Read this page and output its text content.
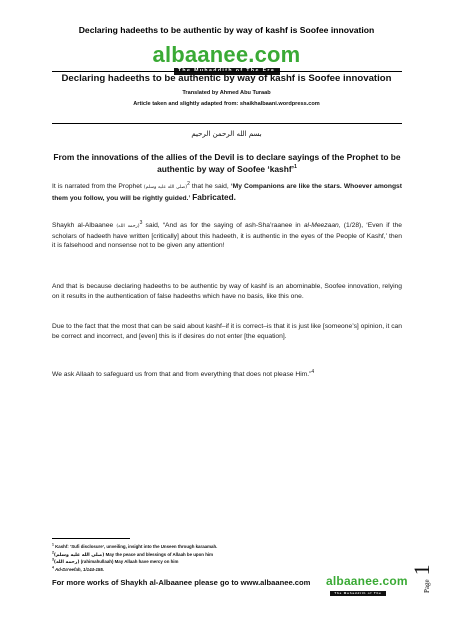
Declaring hadeeths to be authentic by way of kashf is Soofee innovation
albaanee.com
The Muhaddith of The Era
Declaring hadeeths to be authentic by way of kashf is Soofee innovation
Translated by Ahmed Abu Turaab
Article taken and slightly adapted from: shaikhalbaani.wordpress.com
بسم الله الرحمن الرحيم
From the innovations of the allies of the Devil is to declare sayings of the Prophet to be authentic by way of Soofee ‘kashf’$^1$
It is narrated from the Prophet (صلى الله عليه وسلم)$^2$ that he said, ‘My Companions are like the stars. Whoever amongst them you follow, you will be rightly guided.’ Fabricated.
Shaykh al-Albaanee (رحمه الله)$^3$ said, “And as for the saying of ash-Sha’raanee in al-Meezaan, (1/28), ‘Even if the scholars of hadeeth have written [critically] about this hadeeth, it is authentic in the eyes of the People of Kashf,’ then it is falsehood and nonsense not to be given any attention!
And that is because declaring hadeeths to be authentic by way of kashf is an abominable, Soofee innovation, relying on it results in the authentication of false hadeeths which have no basis, like this one.
Due to the fact that the most that can be said about kashf–if it is correct–is that it is just like [someone’s] opinion, it can be correct and incorrect, and [even] this is if desires do not enter [the equation].
We ask Allaah to safeguard us from that and from everything that does not please Him.”$^4$
$^1$ Kashf: ‘Sufi disclosure’, unveiling, insight into the Unseen through karaamah.
$^2$(صلى الله عليه وسلم) May the peace and blessings of Allaah be upon him
$^3$(رحمه الله) (rahimahullaah) May Allaah have mercy on him
$^4$ Ad-Da’eefah, 1/144-155.
For more works of Shaykh al-Albaanee please go to www.albaanee.com albaanee.com
The Muhaddith of The Era
Page 1
